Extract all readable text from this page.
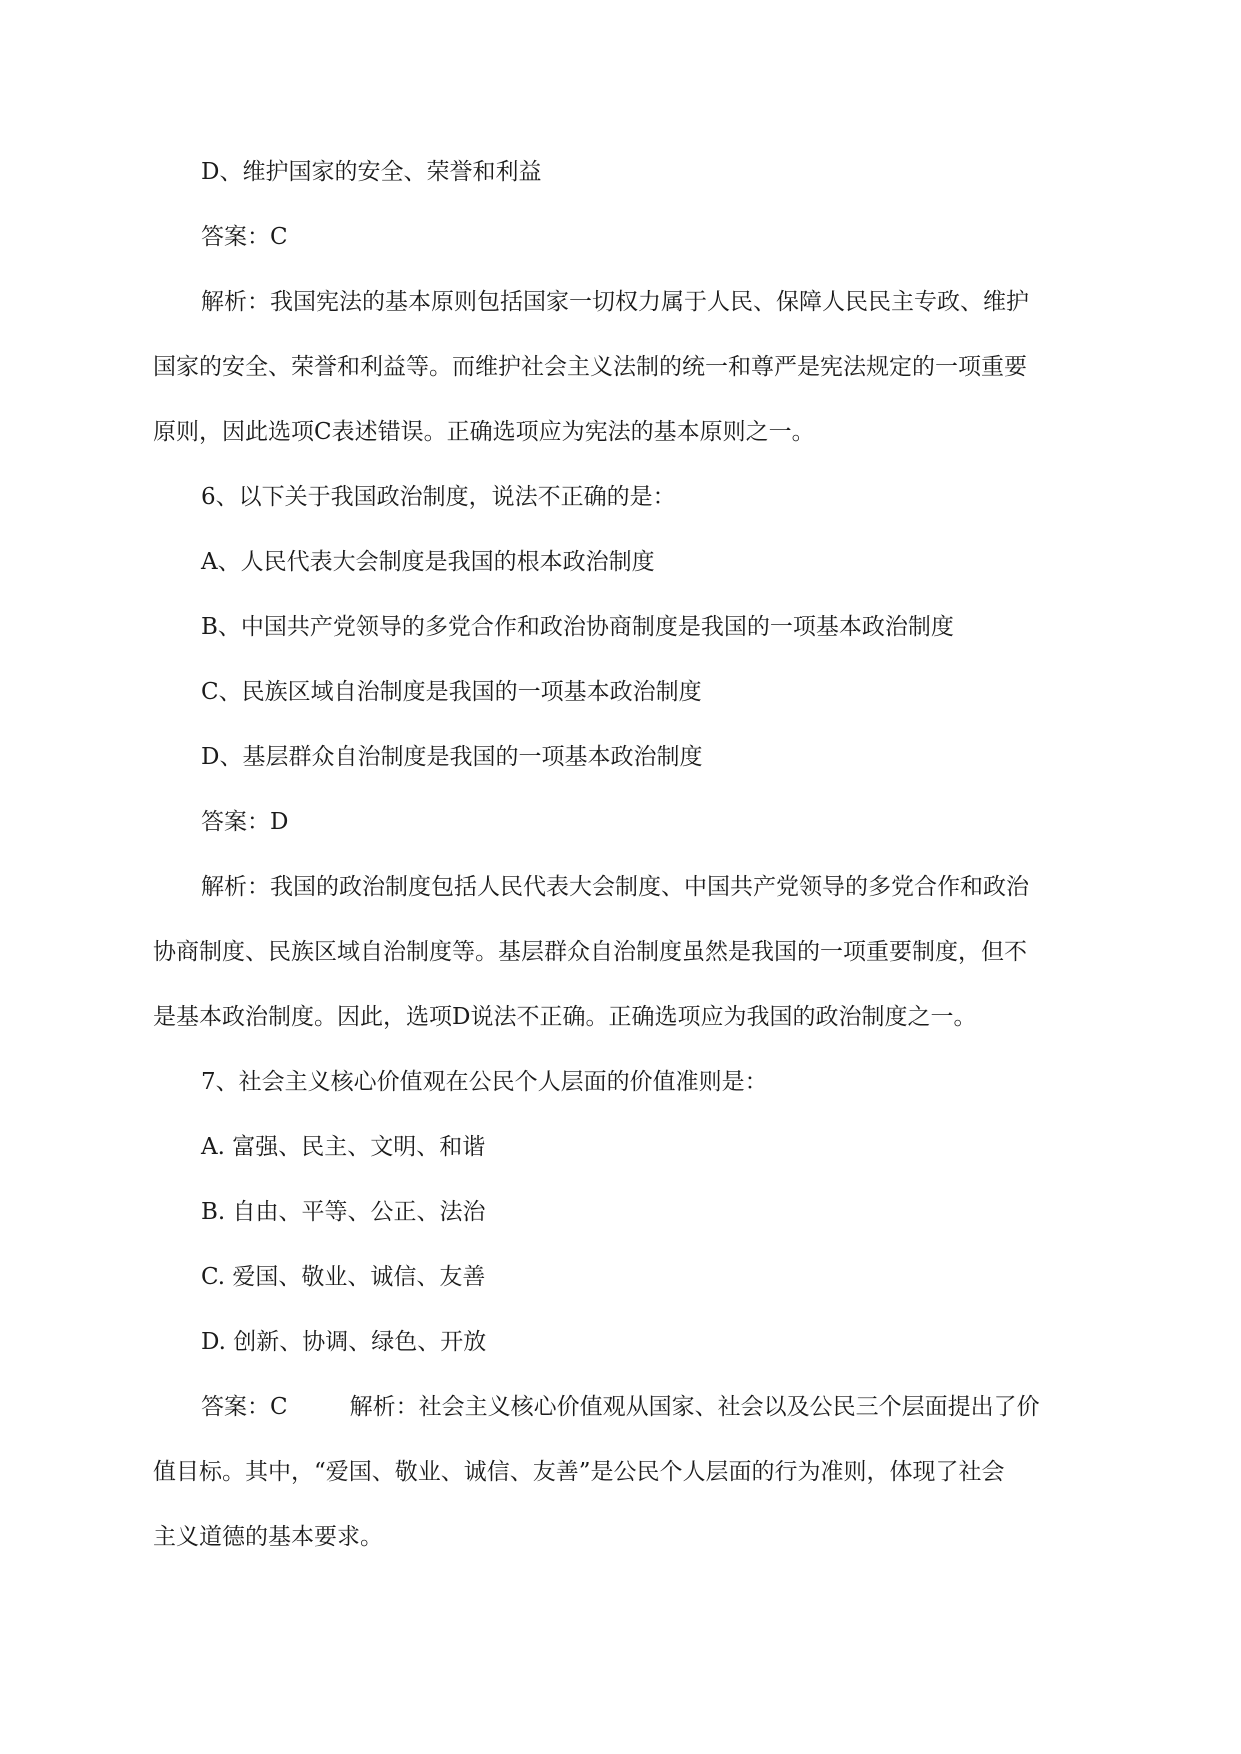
D、维护国家的安全、荣誉和利益
答案：C
解析：我国宪法的基本原则包括国家一切权力属于人民、保障人民民主专政、维护
国家的安全、荣誉和利益等。而维护社会主义法制的统一和尊严是宪法规定的一项重要
原则，因此选项C表述错误。正确选项应为宪法的基本原则之一。
6、以下关于我国政治制度，说法不正确的是：
A、人民代表大会制度是我国的根本政治制度
B、中国共产党领导的多党合作和政治协商制度是我国的一项基本政治制度
C、民族区域自治制度是我国的一项基本政治制度
D、基层群众自治制度是我国的一项基本政治制度
答案：D
解析：我国的政治制度包括人民代表大会制度、中国共产党领导的多党合作和政治
协商制度、民族区域自治制度等。基层群众自治制度虽然是我国的一项重要制度，但不
是基本政治制度。因此，选项D说法不正确。正确选项应为我国的政治制度之一。
7、社会主义核心价值观在公民个人层面的价值准则是：
A. 富强、民主、文明、和谐
B. 自由、平等、公正、法治
C. 爱国、敬业、诚信、友善
D. 创新、协调、绿色、开放
答案：C	解析：社会主义核心价值观从国家、社会以及公民三个层面提出了价
值目标。其中，“爱国、敬业、诚信、友善”是公民个人层面的行为准则，体现了社会
主义道德的基本要求。
